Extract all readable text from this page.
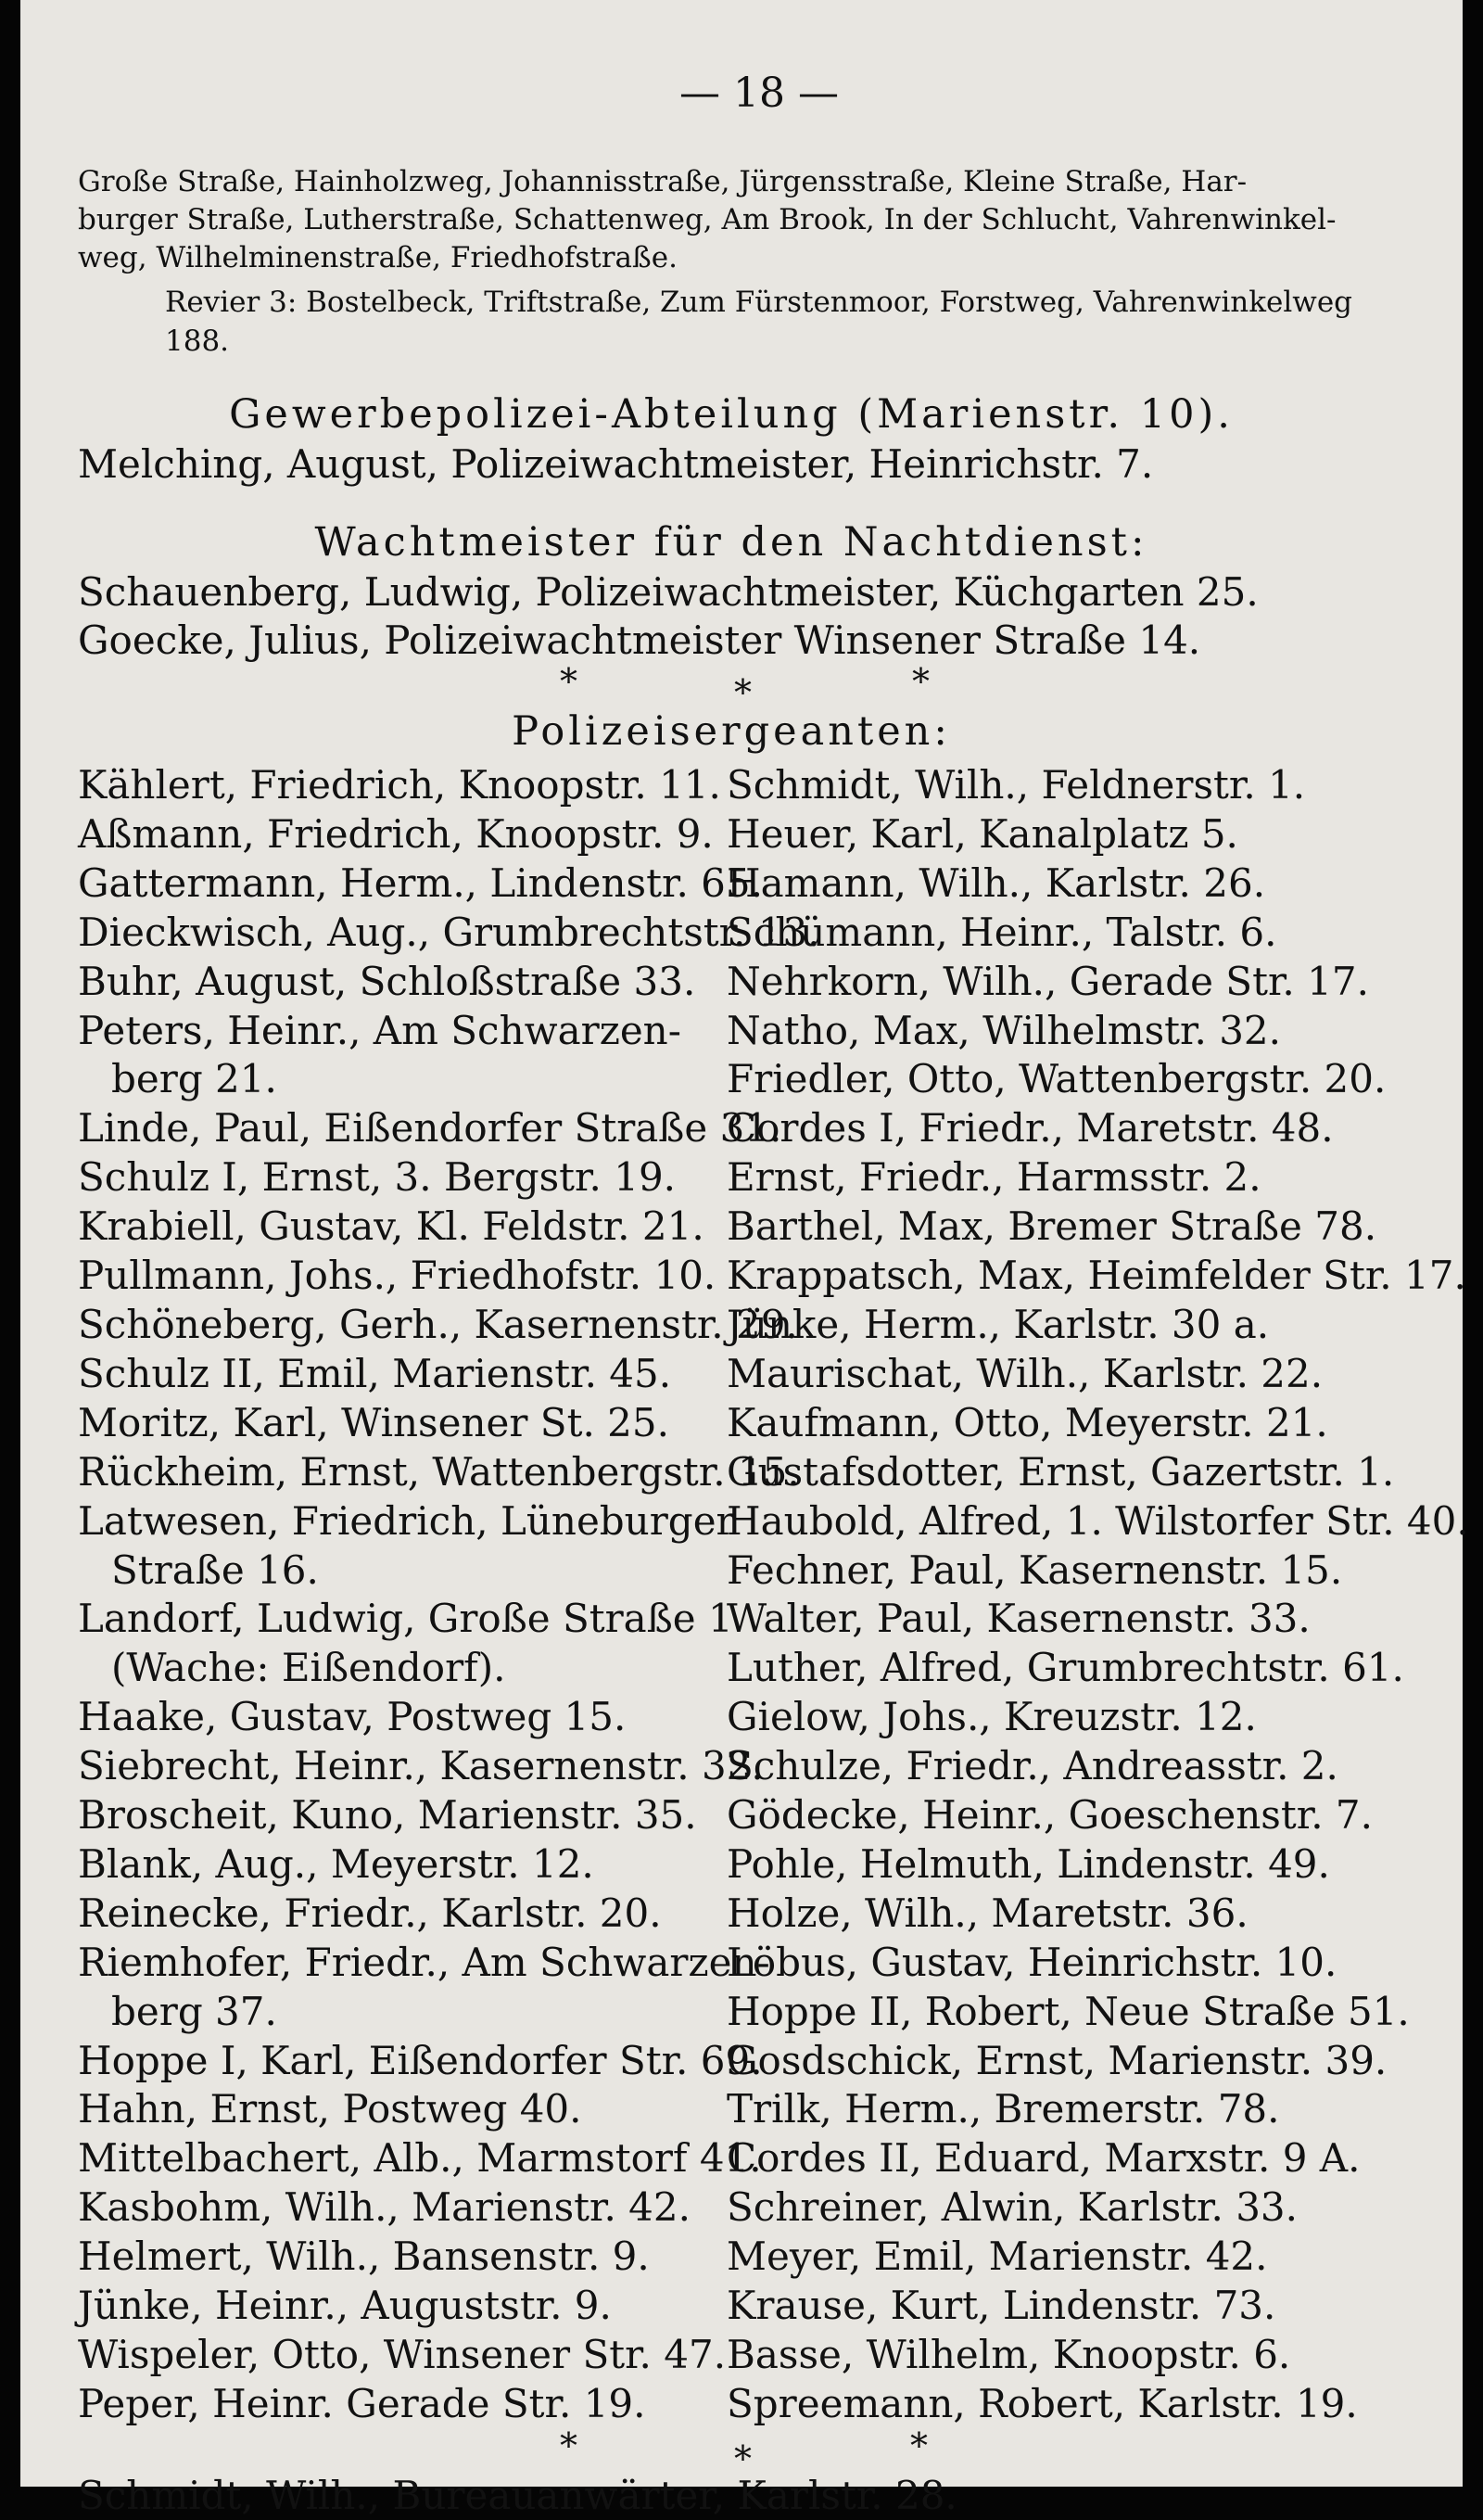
— 18 —

Große Straße, Hainholzweg, Johannisstraße, Jürgensstraße, Kleine Straße, Har-

burger Straße, Lutherstraße, Schattenweg, Am Brook, In der Schlucht, Vahrenwinkel-

weg, Wilhelminenstraße, Friedhofstraße.

Revier 3: Bostelbeck, Triftstraße, Zum Fürstenmoor, Forstweg, Vahrenwinkelweg 188.
Gewerbepolizei-Abteilung (Marienstr. 10).
Melching, August, Polizeiwachtmeister, Heinrichstr. 7.
Wachtmeister für den Nachtdienst:
Schauenberg, Ludwig, Polizeiwachtmeister, Küchgarten 25.
Goecke, Julius, Polizeiwachtmeister Winsener Straße 14.
*	*	*
Polizeisergeanten:
Kählert, Friedrich, Knoopstr. 11.
Aßmann, Friedrich, Knoopstr. 9.
Gattermann, Herm., Lindenstr. 65.
Dieckwisch, Aug., Grumbrechtstr. 13.
Buhr, August, Schloßstraße 33.
Peters, Heinr., Am Schwarzen-
berg 21.
Linde, Paul, Eißendorfer Straße 31.
Schulz I, Ernst, 3. Bergstr. 19.
Krabiell, Gustav, Kl. Feldstr. 21.
Pullmann, Johs., Friedhofstr. 10.
Schöneberg, Gerh., Kasernenstr. 29.
Schulz II, Emil, Marienstr. 45.
Moritz, Karl, Winsener St. 25.
Rückheim, Ernst, Wattenbergstr. 15.
Latwesen, Friedrich, Lüneburger
Straße 16.
Landorf, Ludwig, Große Straße 1
(Wache: Eißendorf).
Haake, Gustav, Postweg 15.
Siebrecht, Heinr., Kasernenstr. 32.
Broscheit, Kuno, Marienstr. 35.
Blank, Aug., Meyerstr. 12.
Reinecke, Friedr., Karlstr. 20.
Riemhofer, Friedr., Am Schwarzen-
berg 37.
Hoppe I, Karl, Eißendorfer Str. 69.
Hahn, Ernst, Postweg 40.
Mittelbachert, Alb., Marmstorf 41.
Kasbohm, Wilh., Marienstr. 42.
Helmert, Wilh., Bansenstr. 9.
Jünke, Heinr., Auguststr. 9.
Wispeler, Otto, Winsener Str. 47.
Peper, Heinr. Gerade Str. 19.
Schmidt, Wilh., Feldnerstr. 1.
Heuer, Karl, Kanalplatz 5.
Hamann, Wilh., Karlstr. 26.
Schümann, Heinr., Talstr. 6.
Nehrkorn, Wilh., Gerade Str. 17.
Natho, Max, Wilhelmstr. 32.
Friedler, Otto, Wattenbergstr. 20.
Cordes I, Friedr., Maretstr. 48.
Ernst, Friedr., Harmsstr. 2.
Barthel, Max, Bremer Straße 78.
Krappatsch, Max, Heimfelder Str. 17.
Jünke, Herm., Karlstr. 30 a.
Maurischat, Wilh., Karlstr. 22.
Kaufmann, Otto, Meyerstr. 21.
Gustafsdotter, Ernst, Gazertstr. 1.
Haubold, Alfred, 1. Wilstorfer Str. 40.
Fechner, Paul, Kasernenstr. 15.
Walter, Paul, Kasernenstr. 33.
Luther, Alfred, Grumbrechtstr. 61.
Gielow, Johs., Kreuzstr. 12.
Schulze, Friedr., Andreasstr. 2.
Gödecke, Heinr., Goeschenstr. 7.
Pohle, Helmuth, Lindenstr. 49.
Holze, Wilh., Maretstr. 36.
Löbus, Gustav, Heinrichstr. 10.
Hoppe II, Robert, Neue Straße 51.
Gosdschick, Ernst, Marienstr. 39.
Trilk, Herm., Bremerstr. 78.
Cordes II, Eduard, Marxstr. 9 A.
Schreiner, Alwin, Karlstr. 33.
Meyer, Emil, Marienstr. 42.
Krause, Kurt, Lindenstr. 73.
Basse, Wilhelm, Knoopstr. 6.
Spreemann, Robert, Karlstr. 19.
*	*	*
Schmidt, Wilh., Bureauanwärter, Karlstr. 28.
